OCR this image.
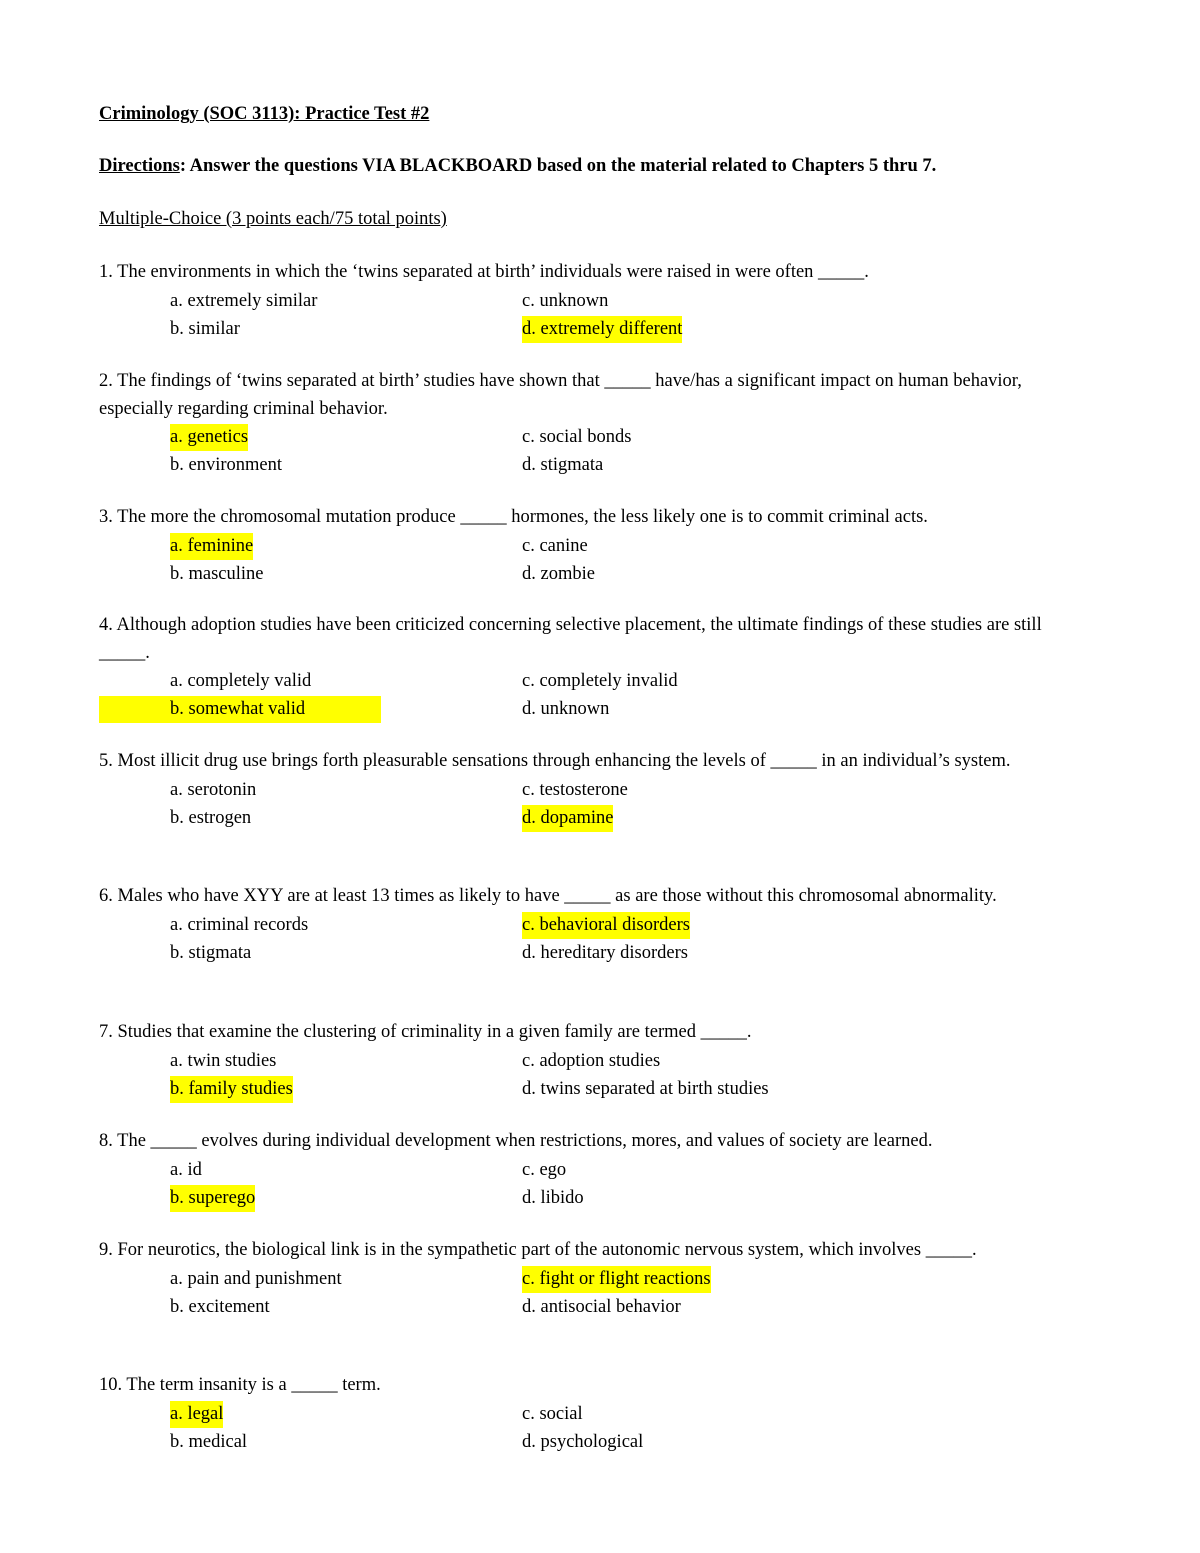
Criminology (SOC 3113): Practice Test #2
Directions: Answer the questions VIA BLACKBOARD based on the material related to Chapters 5 thru 7.
Multiple-Choice (3 points each/75 total points)

1. The environments in which the ‘twins separated at birth’ individuals were raised in were often _____.

a. extremely similar
b. similar
c. unknown
d. extremely different

2. The findings of ‘twins separated at birth’ studies have shown that _____ have/has a significant impact on human behavior, especially regarding criminal behavior.

a. genetics
b. environment
c. social bonds
d. stigmata

3. The more the chromosomal mutation produce _____ hormones, the less likely one is to commit criminal acts.

a. feminine
b. masculine
c. canine
d. zombie

4. Although adoption studies have been criticized concerning selective placement, the ultimate findings of these studies are still _____.

a. completely valid
b. somewhat valid
c. completely invalid
d. unknown

5. Most illicit drug use brings forth pleasurable sensations through enhancing the levels of _____ in an individual’s system.

a. serotonin
b. estrogen
c. testosterone
d. dopamine

6. Males who have XYY are at least 13 times as likely to have _____ as are those without this chromosomal abnormality.

a. criminal records
b. stigmata
c. behavioral disorders
d. hereditary disorders

7. Studies that examine the clustering of criminality in a given family are termed _____.

a. twin studies
b. family studies
c. adoption studies
d. twins separated at birth studies

8. The _____ evolves during individual development when restrictions, mores, and values of society are learned.

a. id
b. superego
c. ego
d. libido

9. For neurotics, the biological link is in the sympathetic part of the autonomic nervous system, which involves _____.

a. pain and punishment
b. excitement
c. fight or flight reactions
d. antisocial behavior

10. The term insanity is a _____ term.

a. legal
b. medical
c. social
d. psychological
